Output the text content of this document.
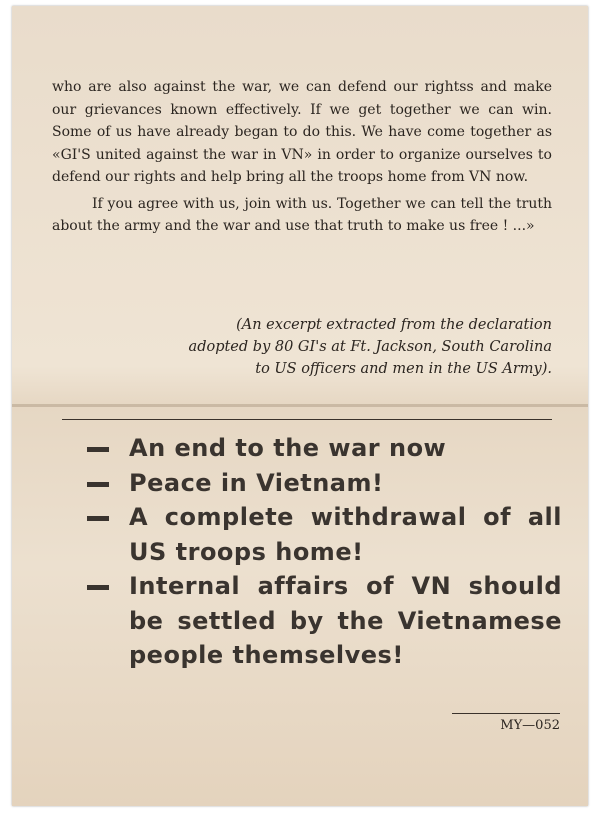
who are also against the war, we can defend our rightss and make our grievances known effectively. If we get together we can win. Some of us have already began to do this. We have come together as «GI'S united against the war in VN» in order to organize ourselves to defend our rights and help bring all the troops home from VN now.

If you agree with us, join with us. Together we can tell the truth about the army and the war and use that truth to make us free ! ...»

(An excerpt extracted from the declaration
adopted by 80 GI's at Ft. Jackson, South Carolina
to US officers and men in the US Army).
An end to the war now
Peace in Vietnam!
A complete withdrawal of all US troops home!
Internal affairs of VN should be settled by the Vietnamese people themselves!
MY—052
